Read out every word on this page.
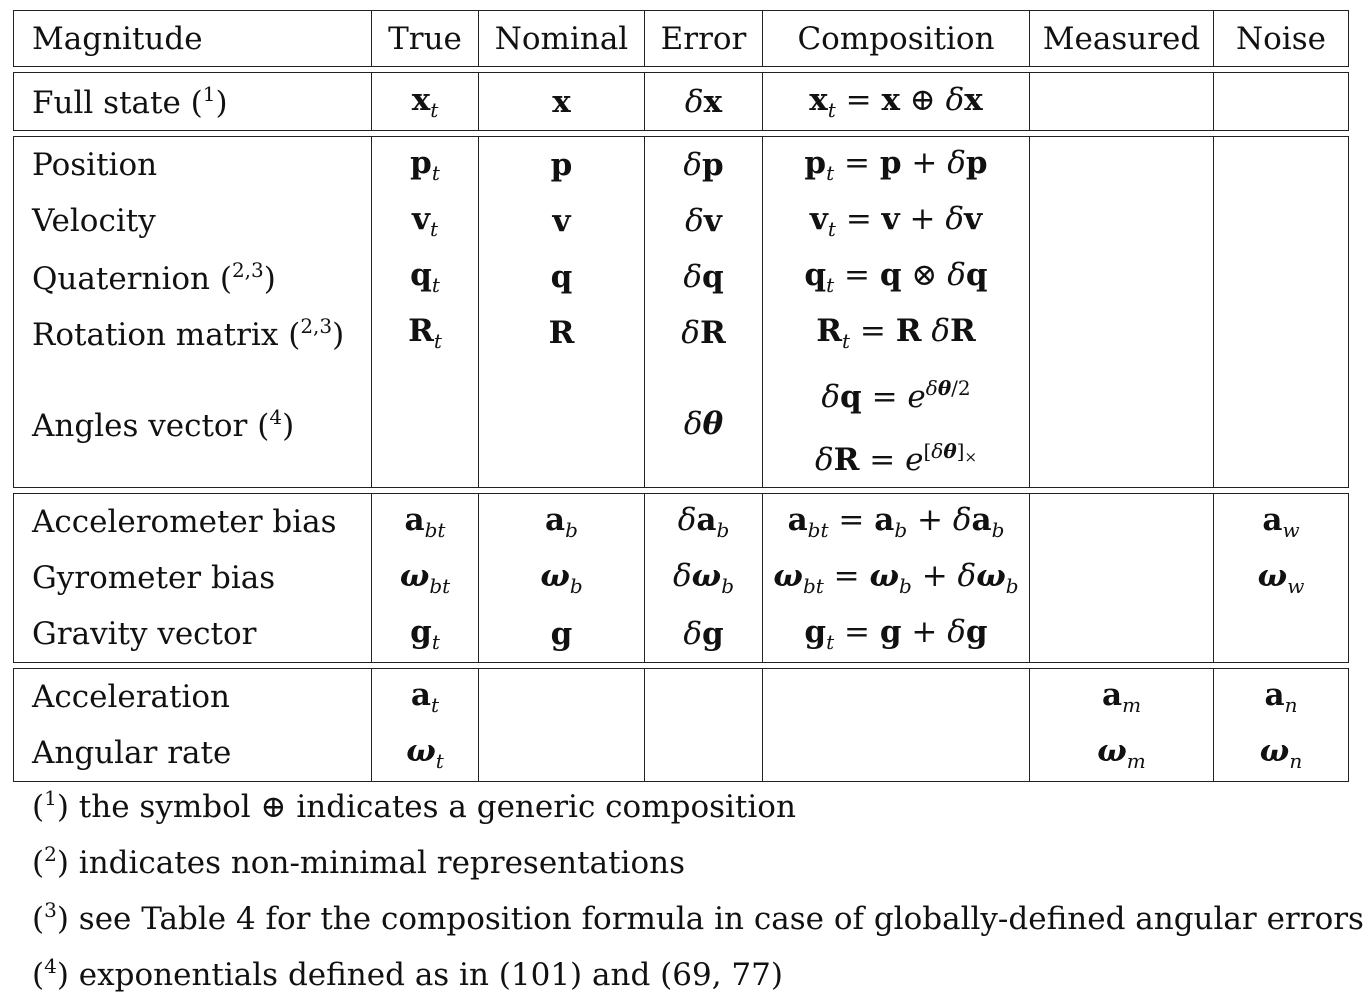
Magnitude	True	Nominal	Error	Composition	Measured	Noise

Full state ($^1$)	$x_t$	x	δx	$x_t = x$ ⊕ δx		

Position	$p_t$	p	δp	$p_t = p + \delta p$		
Velocity	$v_t$	v	δv	$v_t = v + \delta v$		
Quaternion ($^{2,3}$)	$q_t$	q	δq	$q_t = q$ ⊗ δq		
Rotation matrix ($^{2,3}$)	$R_t$	R	δR	$R_t = R$ δR		
Angles vector ($^4$)			δθ	$\delta q = e^{\delta\theta/2}$
$\delta R = e^{[\delta\theta]_\times}$

Accelerometer bias	$a_{bt}$	$a_b$	$\delta a_b$	$a_{bt} = a_b + \delta a_b$		$a_w$
Gyrometer bias	$\omega_{bt}$	$\omega_b$	$\delta\omega_b$	$\omega_{bt} = \omega_b + \delta\omega_b$		$\omega_w$
Gravity vector	$g_t$	g	δg	$g_t = g + \delta g$		

Acceleration	$a_t$				$a_m$	$a_n$
Angular rate	$\omega_t$				$\omega_m$	$\omega_n$
($^1$) the symbol ⊕ indicates a generic composition
($^2$) indicates non-minimal representations
($^3$) see Table 4 for the composition formula in case of globally-defined angular errors
($^4$) exponentials defined as in (101) and (69, 77)
